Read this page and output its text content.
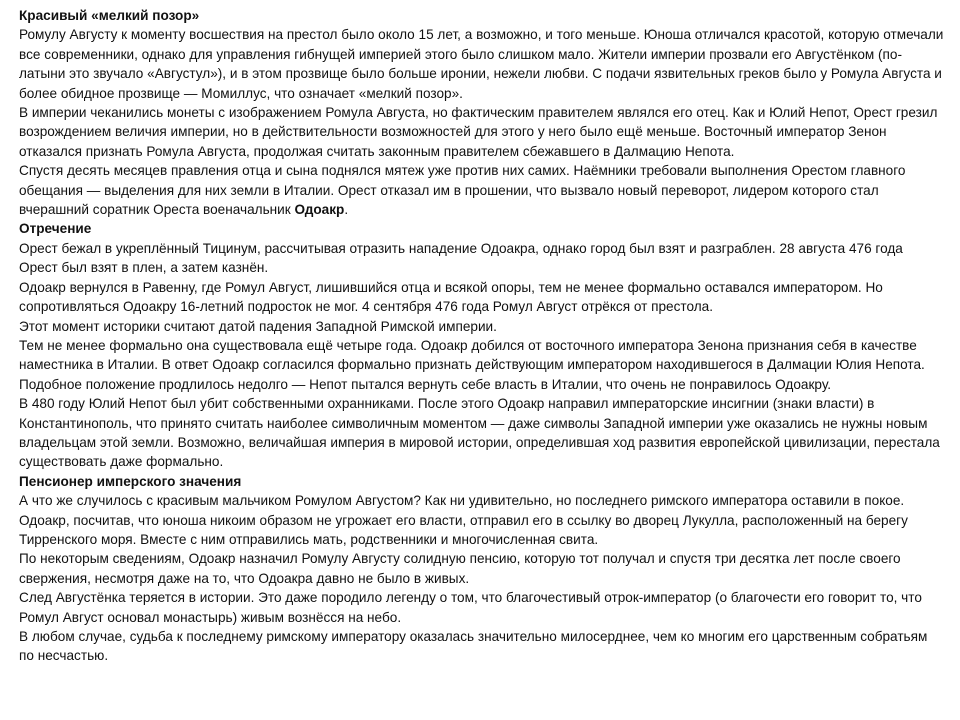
Красивый «мелкий позор»

Ромулу Августу к моменту восшествия на престол было около 15 лет, а возможно, и того меньше. Юноша отличался красотой, которую отмечали все современники, однако для управления гибнущей империей этого было слишком мало. Жители империи прозвали его Августёнком (по-латыни это звучало «Августул»), и в этом прозвище было больше иронии, нежели любви. С подачи язвительных греков было у Ромула Августа и более обидное прозвище — Момиллус, что означает «мелкий позор».

В империи чеканились монеты с изображением Ромула Августа, но фактическим правителем являлся его отец. Как и Юлий Непот, Орест грезил возрождением величия империи, но в действительности возможностей для этого у него было ещё меньше. Восточный император Зенон отказался признать Ромула Августа, продолжая считать законным правителем сбежавшего в Далмацию Непота.

Спустя десять месяцев правления отца и сына поднялся мятеж уже против них самих. Наёмники требовали выполнения Орестом главного обещания — выделения для них земли в Италии. Орест отказал им в прошении, что вызвало новый переворот, лидером которого стал вчерашний соратник Ореста военачальник Одоакр.

Отречение

Орест бежал в укреплённый Тицинум, рассчитывая отразить нападение Одоакра, однако город был взят и разграблен. 28 августа 476 года Орест был взят в плен, а затем казнён.

Одоакр вернулся в Равенну, где Ромул Август, лишившийся отца и всякой опоры, тем не менее формально оставался императором. Но сопротивляться Одоакру 16-летний подросток не мог. 4 сентября 476 года Ромул Август отрёкся от престола.

Этот момент историки считают датой падения Западной Римской империи.

Тем не менее формально она существовала ещё четыре года. Одоакр добился от восточного императора Зенона признания себя в качестве наместника в Италии. В ответ Одоакр согласился формально признать действующим императором находившегося в Далмации Юлия Непота.

Подобное положение продлилось недолго — Непот пытался вернуть себе власть в Италии, что очень не понравилось Одоакру.

В 480 году Юлий Непот был убит собственными охранниками. После этого Одоакр направил императорские инсигнии (знаки власти) в Константинополь, что принято считать наиболее символичным моментом — даже символы Западной империи уже оказались не нужны новым владельцам этой земли. Возможно, величайшая империя в мировой истории, определившая ход развития европейской цивилизации, перестала существовать даже формально.

Пенсионер имперского значения

А что же случилось с красивым мальчиком Ромулом Августом? Как ни удивительно, но последнего римского императора оставили в покое. Одоакр, посчитав, что юноша никоим образом не угрожает его власти, отправил его в ссылку во дворец Лукулла, расположенный на берегу Тирренского моря. Вместе с ним отправились мать, родственники и многочисленная свита.

По некоторым сведениям, Одоакр назначил Ромулу Августу солидную пенсию, которую тот получал и спустя три десятка лет после своего свержения, несмотря даже на то, что Одоакра давно не было в живых.

След Августёнка теряется в истории. Это даже породило легенду о том, что благочестивый отрок-император (о благочести его говорит то, что Ромул Август основал монастырь) живым вознёсся на небо.

В любом случае, судьба к последнему римскому императору оказалась значительно милосерднее, чем ко многим его царственным собратьям по несчастью.
